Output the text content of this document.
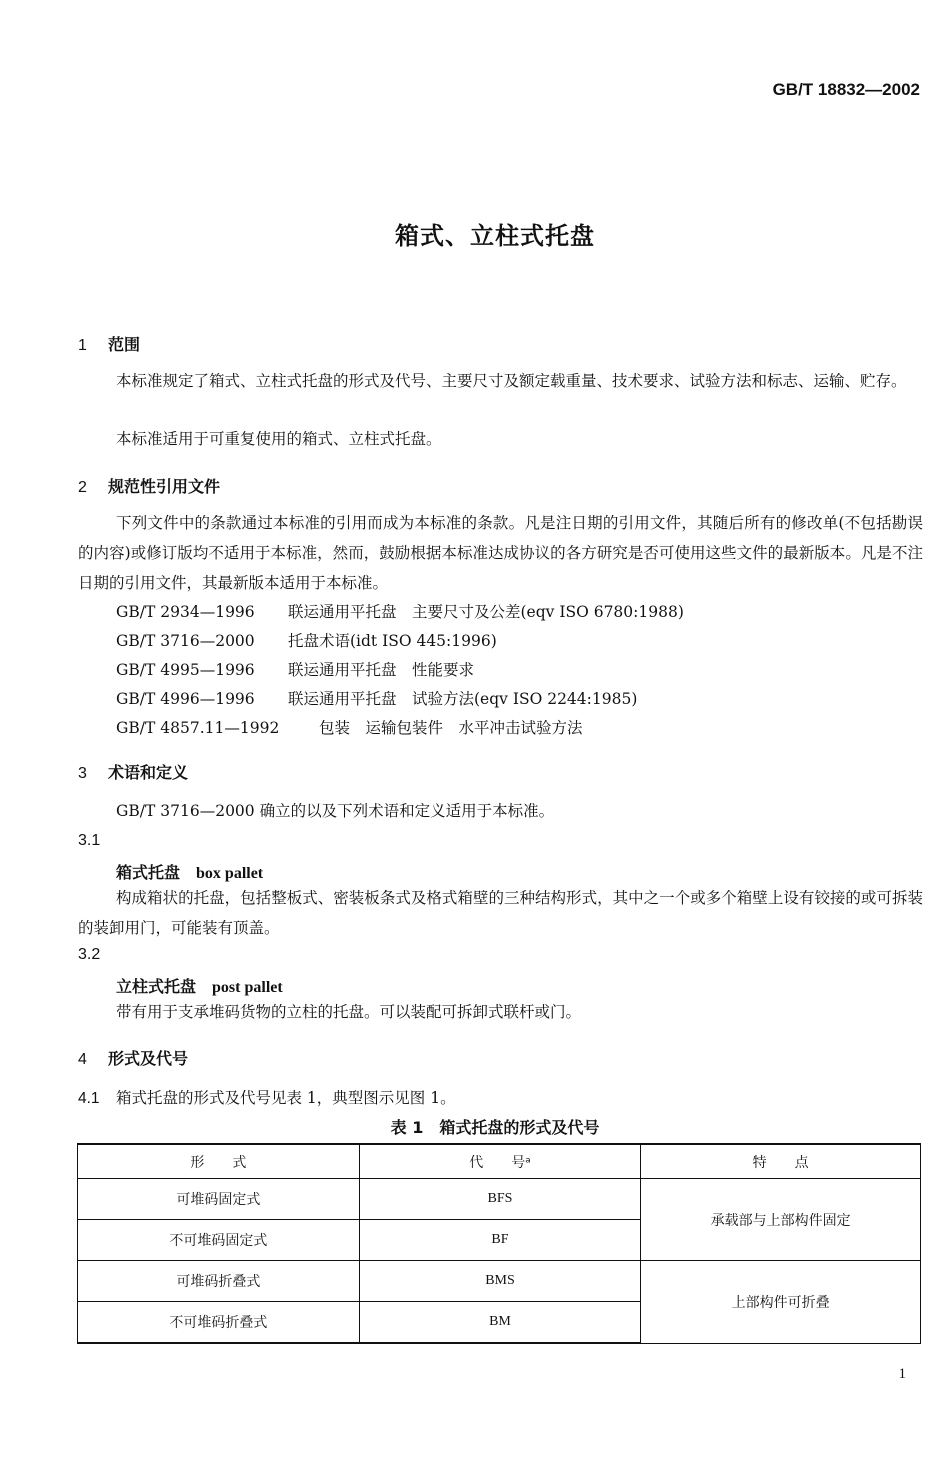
GB/T 18832—2002
箱式、立柱式托盘
1 范围
本标准规定了箱式、立柱式托盘的形式及代号、主要尺寸及额定载重量、技术要求、试验方法和标志、运输、贮存。
本标准适用于可重复使用的箱式、立柱式托盘。
2 规范性引用文件
下列文件中的条款通过本标准的引用而成为本标准的条款。凡是注日期的引用文件，其随后所有的修改单(不包括勘误的内容)或修订版均不适用于本标准，然而，鼓励根据本标准达成协议的各方研究是否可使用这些文件的最新版本。凡是不注日期的引用文件，其最新版本适用于本标准。
GB/T 2934—1996 联运通用平托盘　主要尺寸及公差(eqv ISO 6780:1988)
GB/T 3716—2000 托盘术语(idt ISO 445:1996)
GB/T 4995—1996 联运通用平托盘　性能要求
GB/T 4996—1996 联运通用平托盘　试验方法(eqv ISO 2244:1985)
GB/T 4857.11—1992	包装　运输包装件　水平冲击试验方法
3 术语和定义
GB/T 3716—2000 确立的以及下列术语和定义适用于本标准。
3.1
箱式托盘 box pallet
构成箱状的托盘，包括整板式、密装板条式及格式箱壁的三种结构形式，其中之一个或多个箱壁上设有铰接的或可拆装的装卸用门，可能装有顶盖。
3.2
立柱式托盘 post pallet
带有用于支承堆码货物的立柱的托盘。可以装配可拆卸式联杆或门。
4 形式及代号
4.1 箱式托盘的形式及代号见表 1，典型图示见图 1。
表 1　箱式托盘的形式及代号
形　　式	代　　号ᵃ	特　　点
可堆码固定式	BFS	承载部与上部构件固定
不可堆码固定式	BF	
可堆码折叠式	BMS	上部构件可折叠
不可堆码折叠式	BM	
1
